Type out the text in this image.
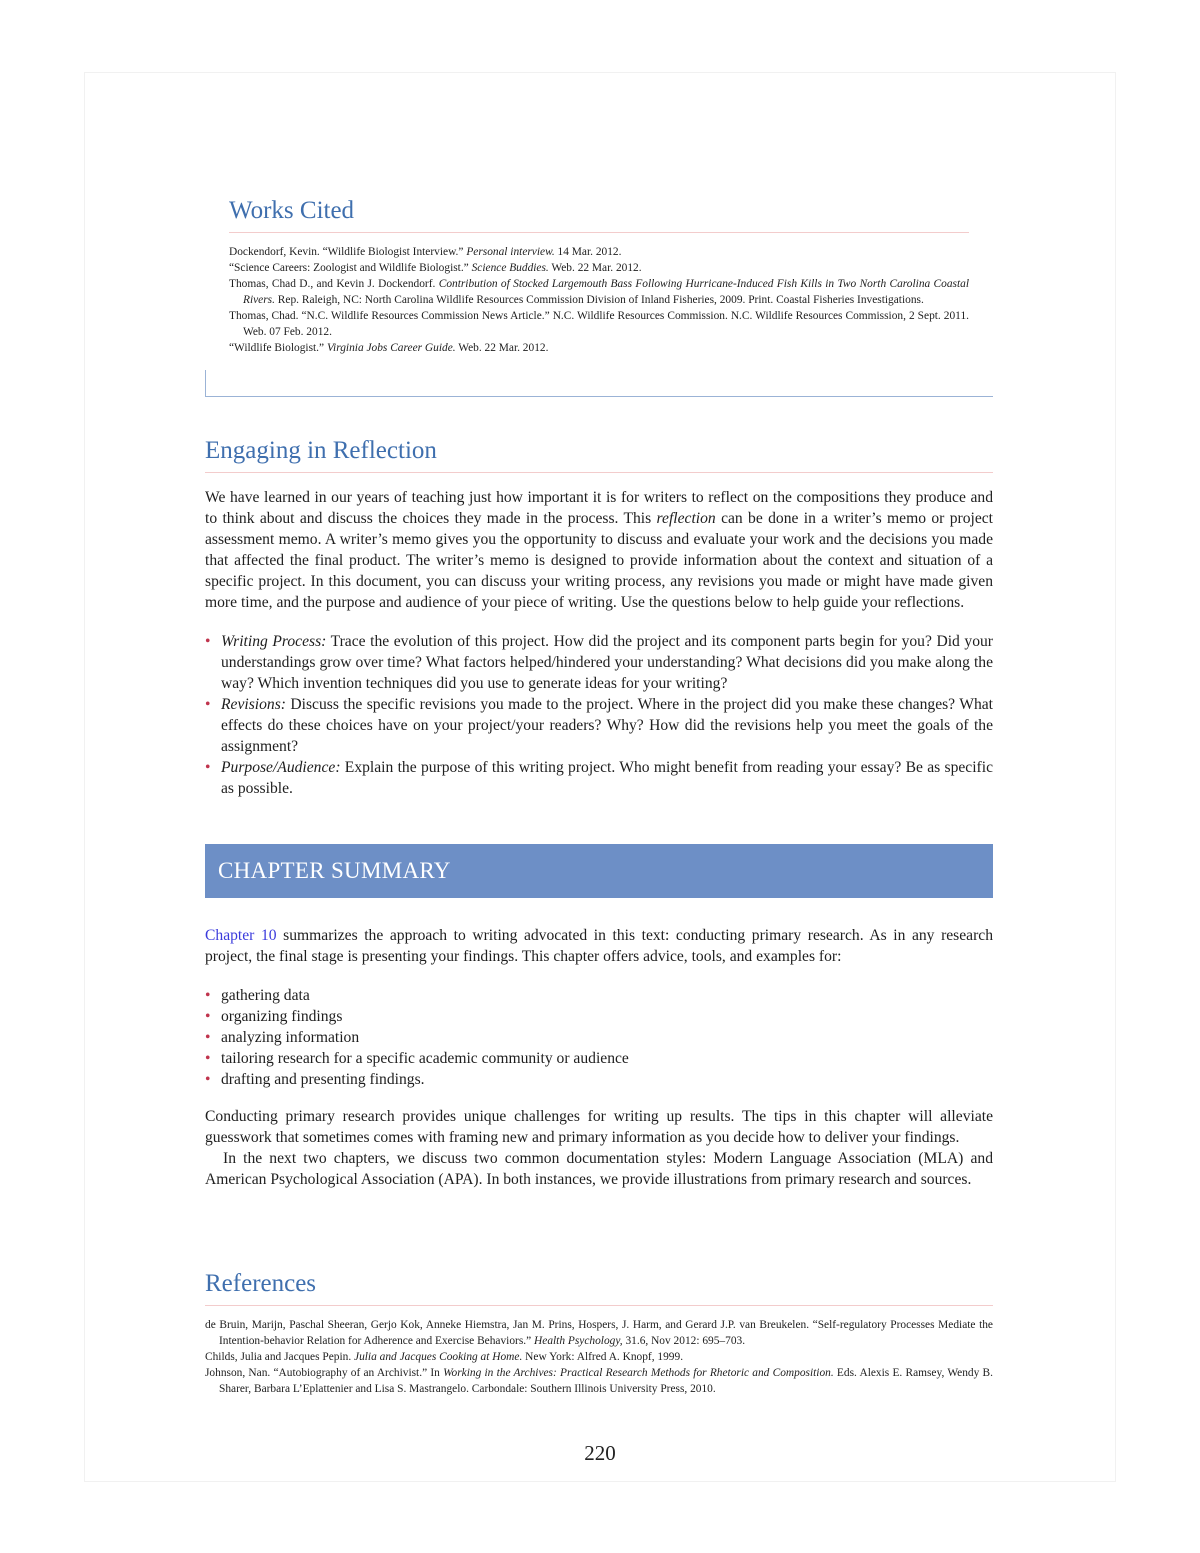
Works Cited

Dockendorf, Kevin. “Wildlife Biologist Interview.” Personal interview. 14 Mar. 2012.

“Science Careers: Zoologist and Wildlife Biologist.” Science Buddies. Web. 22 Mar. 2012.

Thomas, Chad D., and Kevin J. Dockendorf. Contribution of Stocked Largemouth Bass Following Hurricane-Induced Fish Kills in Two North Carolina Coastal Rivers. Rep. Raleigh, NC: North Carolina Wildlife Resources Commission Division of Inland Fisheries, 2009. Print. Coastal Fisheries Investigations.

Thomas, Chad. “N.C. Wildlife Resources Commission News Article.” N.C. Wildlife Resources Commission. N.C. Wildlife Resources Commission, 2 Sept. 2011. Web. 07 Feb. 2012.

“Wildlife Biologist.” Virginia Jobs Career Guide. Web. 22 Mar. 2012.

Engaging in Reflection

We have learned in our years of teaching just how important it is for writers to reflect on the compositions they produce and to think about and discuss the choices they made in the process. This reflection can be done in a writer’s memo or project assessment memo. A writer’s memo gives you the opportunity to discuss and evaluate your work and the decisions you made that affected the final product. The writer’s memo is designed to provide information about the context and situation of a specific project. In this document, you can discuss your writing process, any revisions you made or might have made given more time, and the purpose and audience of your piece of writing. Use the questions below to help guide your reflections.

• Writing Process: Trace the evolution of this project. How did the project and its component parts begin for you? Did your understandings grow over time? What factors helped/hindered your understanding? What decisions did you make along the way? Which invention techniques did you use to generate ideas for your writing?
• Revisions: Discuss the specific revisions you made to the project. Where in the project did you make these changes? What effects do these choices have on your project/your readers? Why? How did the revisions help you meet the goals of the assignment?
• Purpose/Audience: Explain the purpose of this writing project. Who might benefit from reading your essay? Be as specific as possible.
CHAPTER SUMMARY

Chapter 10 summarizes the approach to writing advocated in this text: conducting primary research. As in any research project, the final stage is presenting your findings. This chapter offers advice, tools, and examples for:

• gathering data
• organizing findings
• analyzing information
• tailoring research for a specific academic community or audience
• drafting and presenting findings.

Conducting primary research provides unique challenges for writing up results. The tips in this chapter will alleviate guesswork that sometimes comes with framing new and primary information as you decide how to deliver your findings.

In the next two chapters, we discuss two common documentation styles: Modern Language Association (MLA) and American Psychological Association (APA). In both instances, we provide illustrations from primary research and sources.

References

de Bruin, Marijn, Paschal Sheeran, Gerjo Kok, Anneke Hiemstra, Jan M. Prins, Hospers, J. Harm, and Gerard J.P. van Breukelen. “Self-regulatory Processes Mediate the Intention-behavior Relation for Adherence and Exercise Behaviors.” Health Psychology, 31.6, Nov 2012: 695–703.

Childs, Julia and Jacques Pepin. Julia and Jacques Cooking at Home. New York: Alfred A. Knopf, 1999.

Johnson, Nan. “Autobiography of an Archivist.” In Working in the Archives: Practical Research Methods for Rhetoric and Composition. Eds. Alexis E. Ramsey, Wendy B. Sharer, Barbara L’Eplattenier and Lisa S. Mastrangelo. Carbondale: Southern Illinois University Press, 2010.

220
